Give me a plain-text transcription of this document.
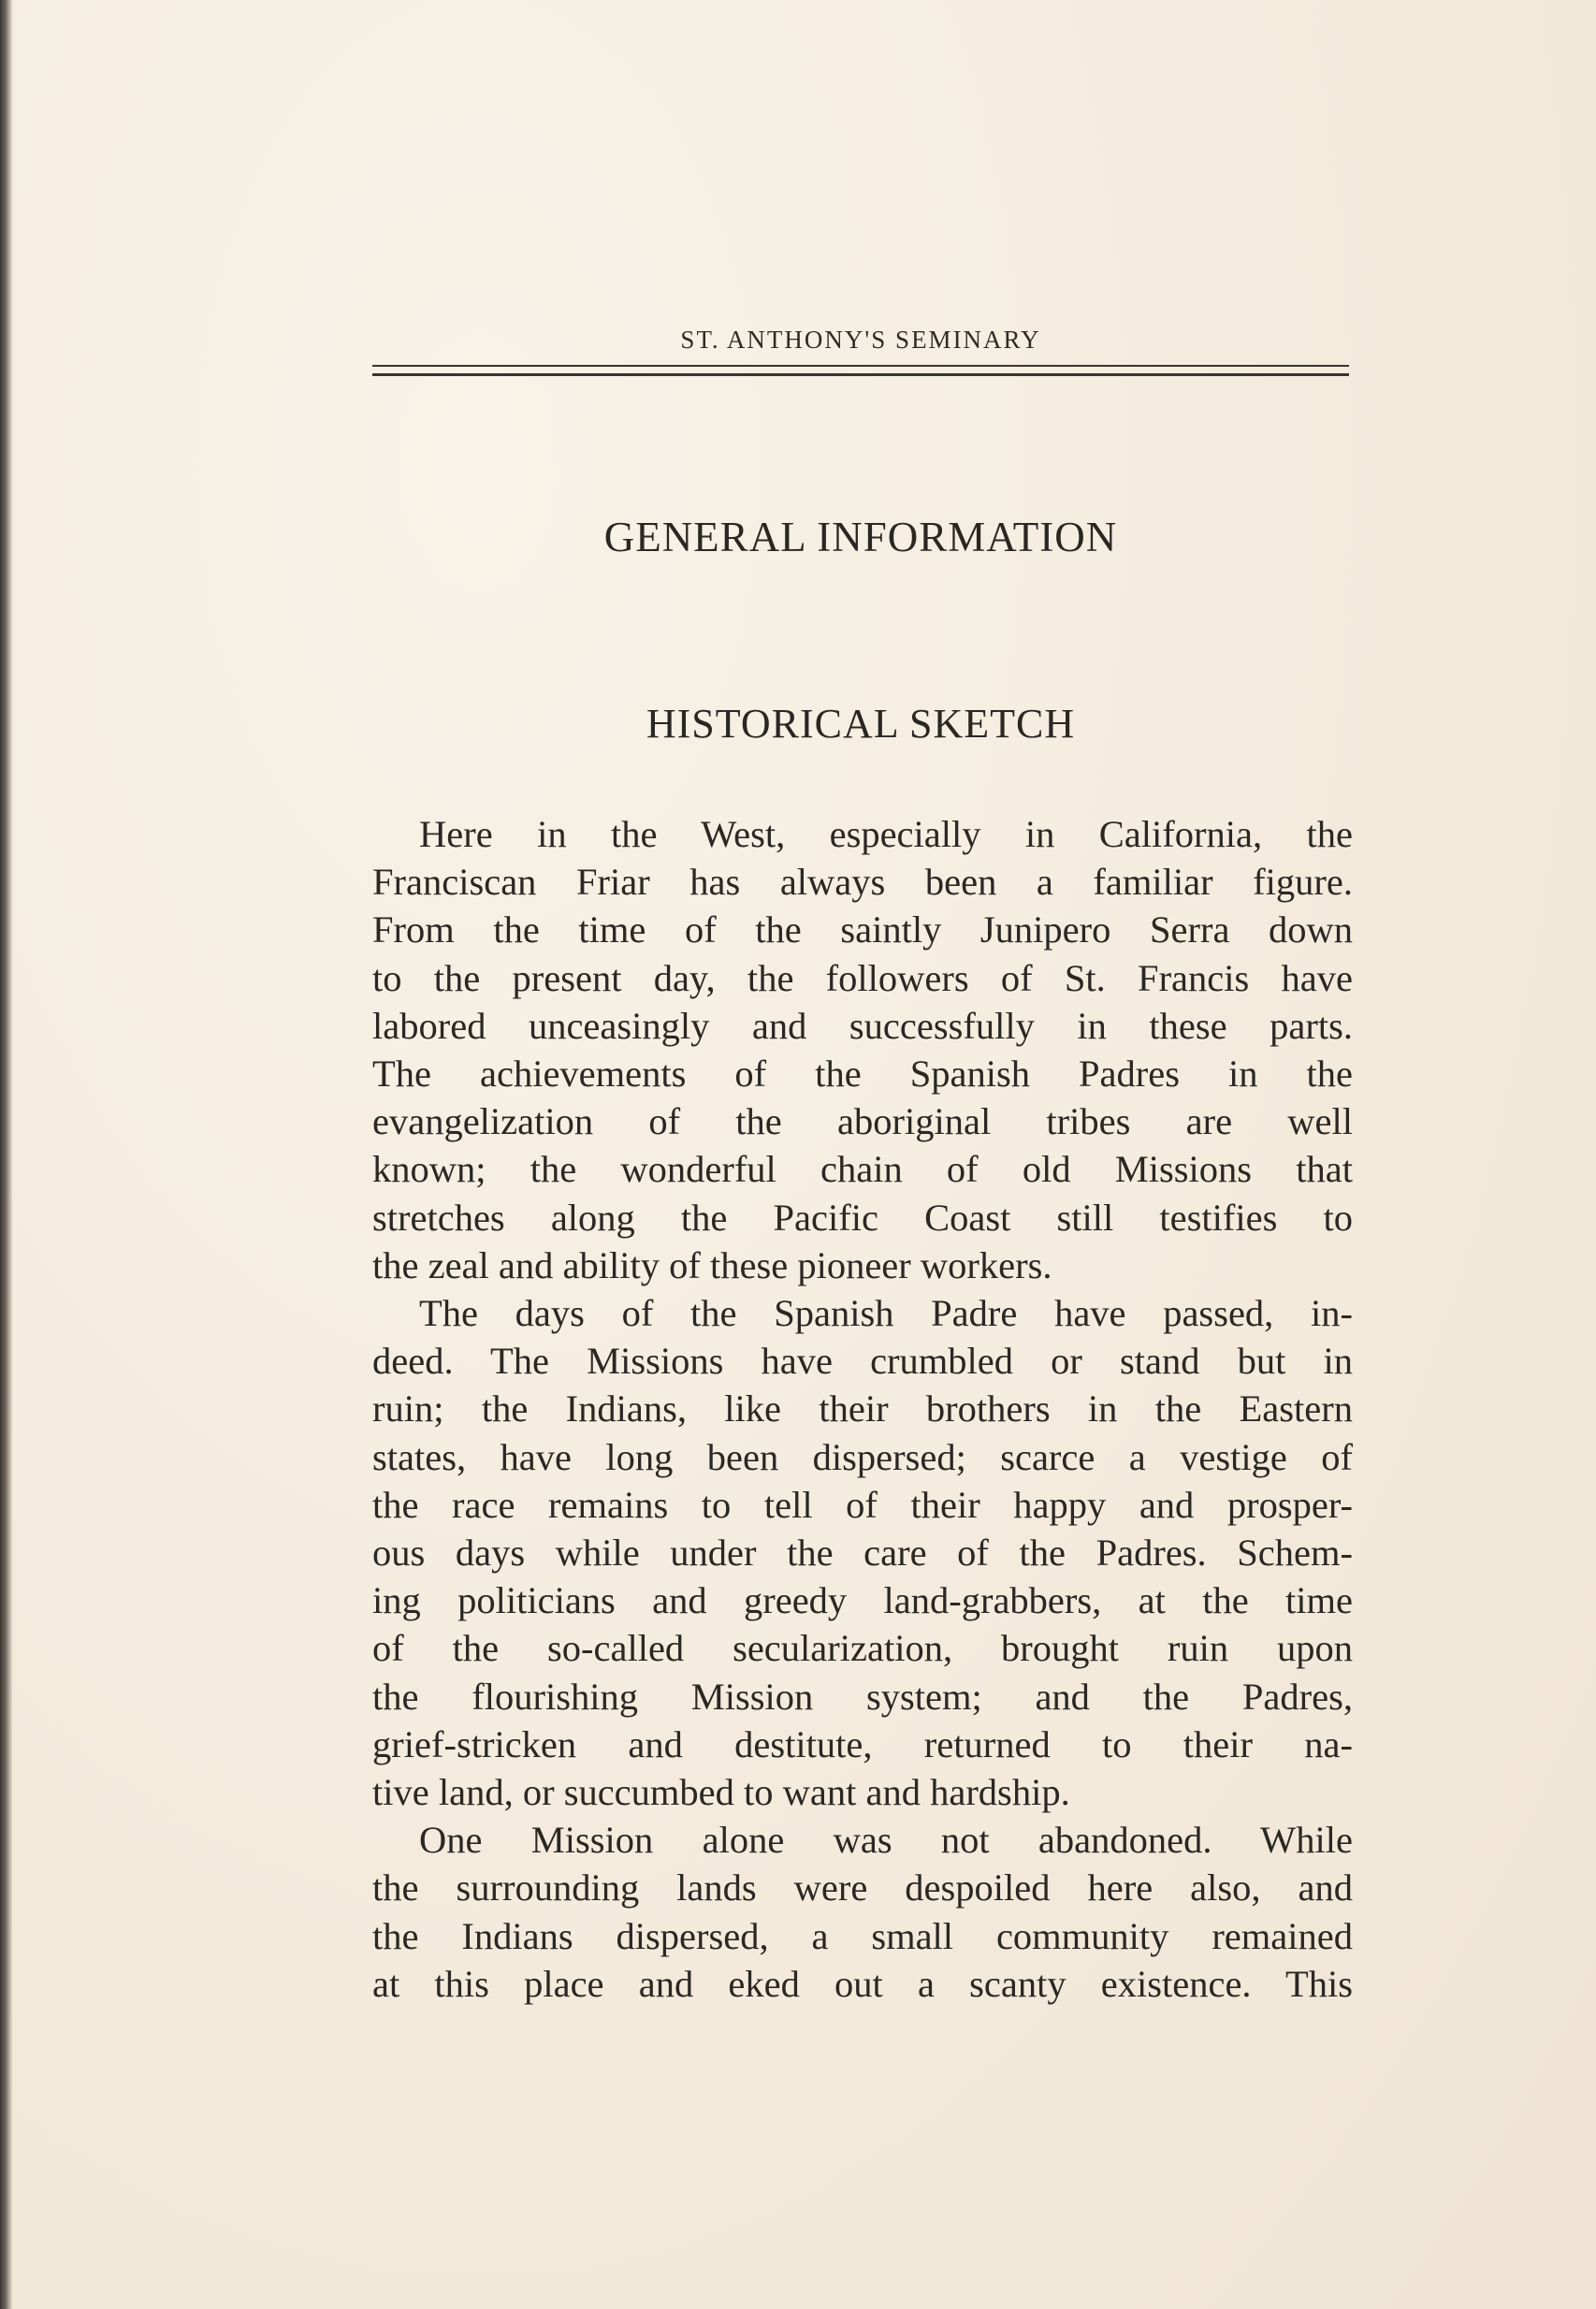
ST. ANTHONY'S SEMINARY
GENERAL INFORMATION
HISTORICAL SKETCH
Here in the West, especially in California, the
Franciscan Friar has always been a familiar figure.
From the time of the saintly Junipero Serra down
to the present day, the followers of St. Francis have
labored unceasingly and successfully in these parts.
The achievements of the Spanish Padres in the
evangelization of the aboriginal tribes are well
known; the wonderful chain of old Missions that
stretches along the Pacific Coast still testifies to
the zeal and ability of these pioneer workers.
The days of the Spanish Padre have passed, in-
deed. The Missions have crumbled or stand but in
ruin; the Indians, like their brothers in the Eastern
states, have long been dispersed; scarce a vestige of
the race remains to tell of their happy and prosper-
ous days while under the care of the Padres. Schem-
ing politicians and greedy land-grabbers, at the time
of the so-called secularization, brought ruin upon
the flourishing Mission system; and the Padres,
grief-stricken and destitute, returned to their na-
tive land, or succumbed to want and hardship.
One Mission alone was not abandoned. While
the surrounding lands were despoiled here also, and
the Indians dispersed, a small community remained
at this place and eked out a scanty existence. This
